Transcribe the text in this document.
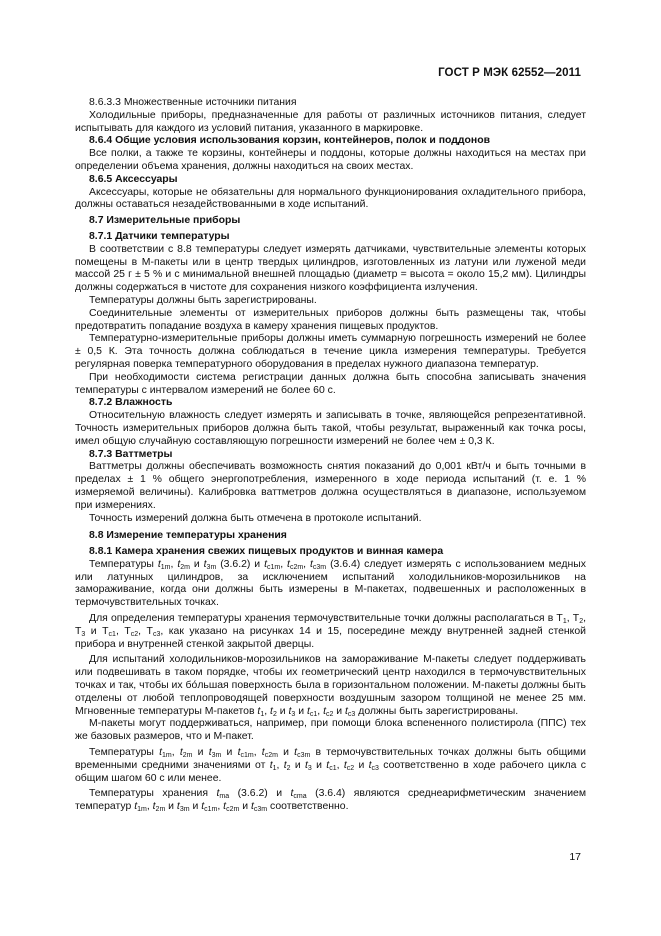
ГОСТ Р МЭК 62552—2011

8.6.3.3 Множественные источники питания

Холодильные приборы, предназначенные для работы от различных источников питания, следует испытывать для каждого из условий питания, указанного в маркировке.

8.6.4 Общие условия использования корзин, контейнеров, полок и поддонов

Все полки, а также те корзины, контейнеры и поддоны, которые должны находиться на местах при определении объема хранения, должны находиться на своих местах.

8.6.5 Аксессуары

Аксессуары, которые не обязательны для нормального функционирования охладительного прибора, должны оставаться незадействованными в ходе испытаний.

8.7 Измерительные приборы

8.7.1 Датчики температуры

В соответствии с 8.8 температуры следует измерять датчиками, чувствительные элементы которых помещены в М-пакеты или в центр твердых цилиндров, изготовленных из латуни или луженой меди массой 25 г ± 5 % и с минимальной внешней площадью (диаметр = высота = около 15,2 мм). Цилиндры должны содержаться в чистоте для сохранения низкого коэффициента излучения.

Температуры должны быть зарегистрированы.

Соединительные элементы от измерительных приборов должны быть размещены так, чтобы предотвратить попадание воздуха в камеру хранения пищевых продуктов.

Температурно-измерительные приборы должны иметь суммарную погрешность измерений не более ± 0,5 К. Эта точность должна соблюдаться в течение цикла измерения температуры. Требуется регулярная поверка температурного оборудования в пределах нужного диапазона температур.

При необходимости система регистрации данных должна быть способна записывать значения температуры с интервалом измерений не более 60 с.

8.7.2 Влажность

Относительную влажность следует измерять и записывать в точке, являющейся репрезентативной. Точность измерительных приборов должна быть такой, чтобы результат, выраженный как точка росы, имел общую случайную составляющую погрешности измерений не более чем ± 0,3 К.

8.7.3 Ваттметры

Ваттметры должны обеспечивать возможность снятия показаний до 0,001 кВт/ч и быть точными в пределах ± 1 % общего энергопотребления, измеренного в ходе периода испытаний (т. е. 1 % измеряемой величины). Калибровка ваттметров должна осуществляться в диапазоне, используемом при измерениях.

Точность измерений должна быть отмечена в протоколе испытаний.

8.8 Измерение температуры хранения

8.8.1 Камера хранения свежих пищевых продуктов и винная камера

Температуры $t_{1m}$, $t_{2m}$ и $t_{3m}$ (3.6.2) и $t_{c1m}$, $t_{c2m}$, $t_{c3m}$ (3.6.4) следует измерять с использованием медных или латунных цилиндров, за исключением испытаний холодильников-морозильников на замораживание, когда они должны быть измерены в М-пакетах, подвешенных и расположенных в термочувствительных точках.

Для определения температуры хранения термочувствительные точки должны располагаться в $Т_1$, $Т_2$, $Т_3$ и $Т_{c1}$, $Т_{c2}$, $Т_{c3}$, как указано на рисунках 14 и 15, посередине между внутренней задней стенкой прибора и внутренней стенкой закрытой дверцы.

Для испытаний холодильников-морозильников на замораживание М-пакеты следует поддерживать или подвешивать в таком порядке, чтобы их геометрический центр находился в термочувствительных точках и так, чтобы их бо́льшая поверхность была в горизонтальном положении. М-пакеты должны быть отделены от любой теплопроводящей поверхности воздушным зазором толщиной не менее 25 мм. Мгновенные температуры М-пакетов $t_1$, $t_2$ и $t_3$ и $t_{c1}$, $t_{c2}$ и $t_{c3}$ должны быть зарегистрированы.

М-пакеты могут поддерживаться, например, при помощи блока вспененного полистирола (ППС) тех же базовых размеров, что и М-пакет.

Температуры $t_{1m}$, $t_{2m}$ и $t_{3m}$ и $t_{c1m}$, $t_{c2m}$ и $t_{c3m}$ в термочувствительных точках должны быть общими временными средними значениями от $t_1$, $t_2$ и $t_3$ и $t_{c1}$, $t_{c2}$ и $t_{c3}$ соответственно в ходе рабочего цикла с общим шагом 60 с или менее.

Температуры хранения $t_{ma}$ (3.6.2) и $t_{cma}$ (3.6.4) являются среднеарифметическим значением температур $t_{1m}$, $t_{2m}$ и $t_{3m}$ и $t_{c1m}$, $t_{c2m}$ и $t_{c3m}$ соответственно.

17
